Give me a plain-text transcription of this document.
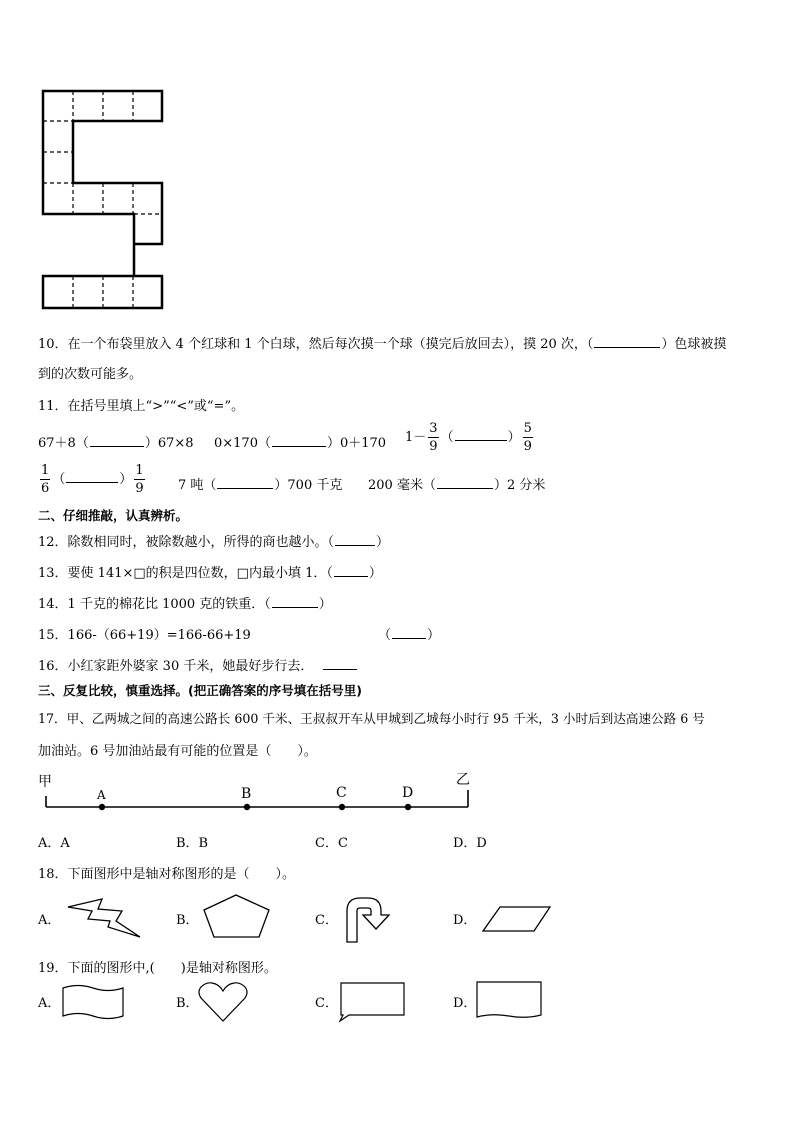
10．在一个布袋里放入 4 个红球和 1 个白球，然后每次摸一个球（摸完后放回去），摸 20 次，（	）色球被摸
到的次数可能多。
11．在括号里填上“>”“<”或“=”。
67＋8（	）67×8 0×170（	）0＋170 $1- \frac{3}{9}$ （	） $\frac{5}{9}$
$\frac{1}{6}$ （	） $\frac{1}{9}$	7 吨（	）700 千克 200 毫米（	）2 分米
二、仔细推敲，认真辨析。
12．除数相同时，被除数越小，所得的商也越小。（	）
13．要使 141×□的积是四位数，□内最小填 1．（	）
14．1 千克的棉花比 1000 克的铁重．（	）
15．166-（66+19）=166-66+19	（	）
16．小红家距外婆家 30 千米，她最好步行去．
三、反复比较，慎重选择。(把正确答案的序号填在括号里)
17．甲、乙两城之间的高速公路长 600 千米、王叔叔开车从甲城到乙城每小时行 95 千米，3 小时后到达高速公路 6 号
加油站。6 号加油站最有可能的位置是（　　）。
甲	乙
A	B	C	D
A．A	B．B	C．C	D．D
18．下面图形中是轴对称图形的是（　　）。
A．	B．	C．	D．
19．下面的图形中,(　　)是轴对称图形。
A．	B．	C．	D．
